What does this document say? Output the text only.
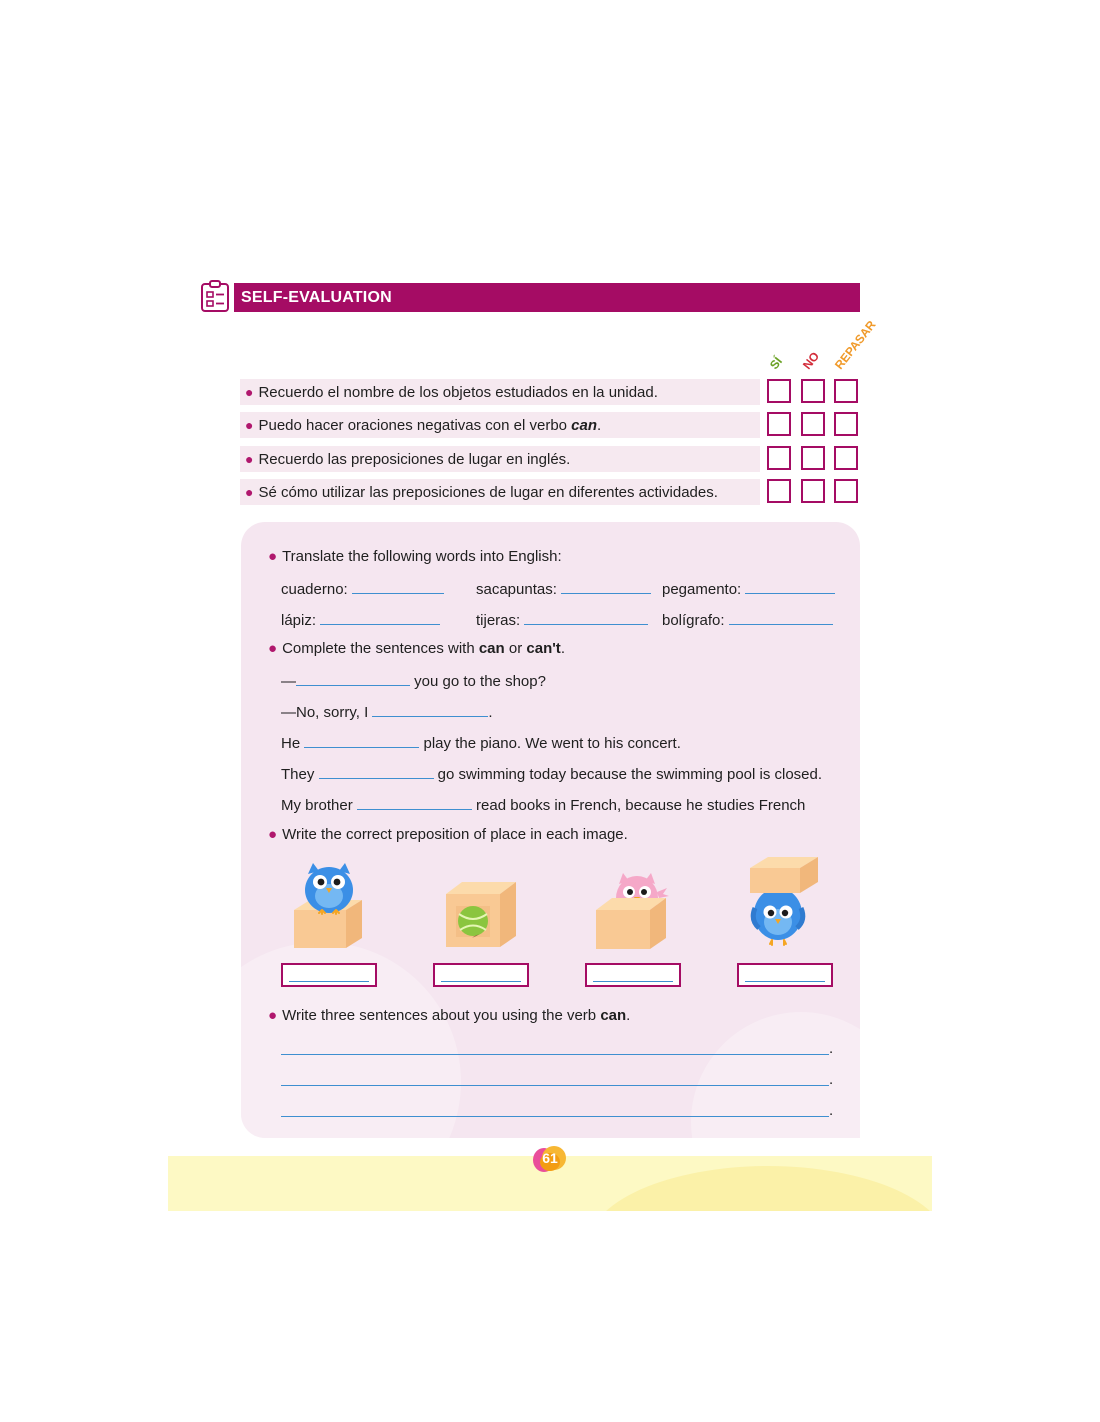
SELF-EVALUATION
SÍ NO REPASAR
● Recuerdo el nombre de los objetos estudiados en la unidad.
● Puedo hacer oraciones negativas con el verbo can.
● Recuerdo las preposiciones de lugar en inglés.
● Sé cómo utilizar las preposiciones de lugar en diferentes actividades.
● Translate the following words into English:
cuaderno:	sacapuntas:	pegamento:
lápiz:	tijeras:	bolígrafo:
● Complete the sentences with can or can't.
—	you go to the shop?
—No, sorry, I	.
He	play the piano. We went to his concert.
They	go swimming today because the swimming pool is closed.
My brother	read books in French, because he studies French
● Write the correct preposition of place in each image.
● Write three sentences about you using the verb can.
.
.
.
61
